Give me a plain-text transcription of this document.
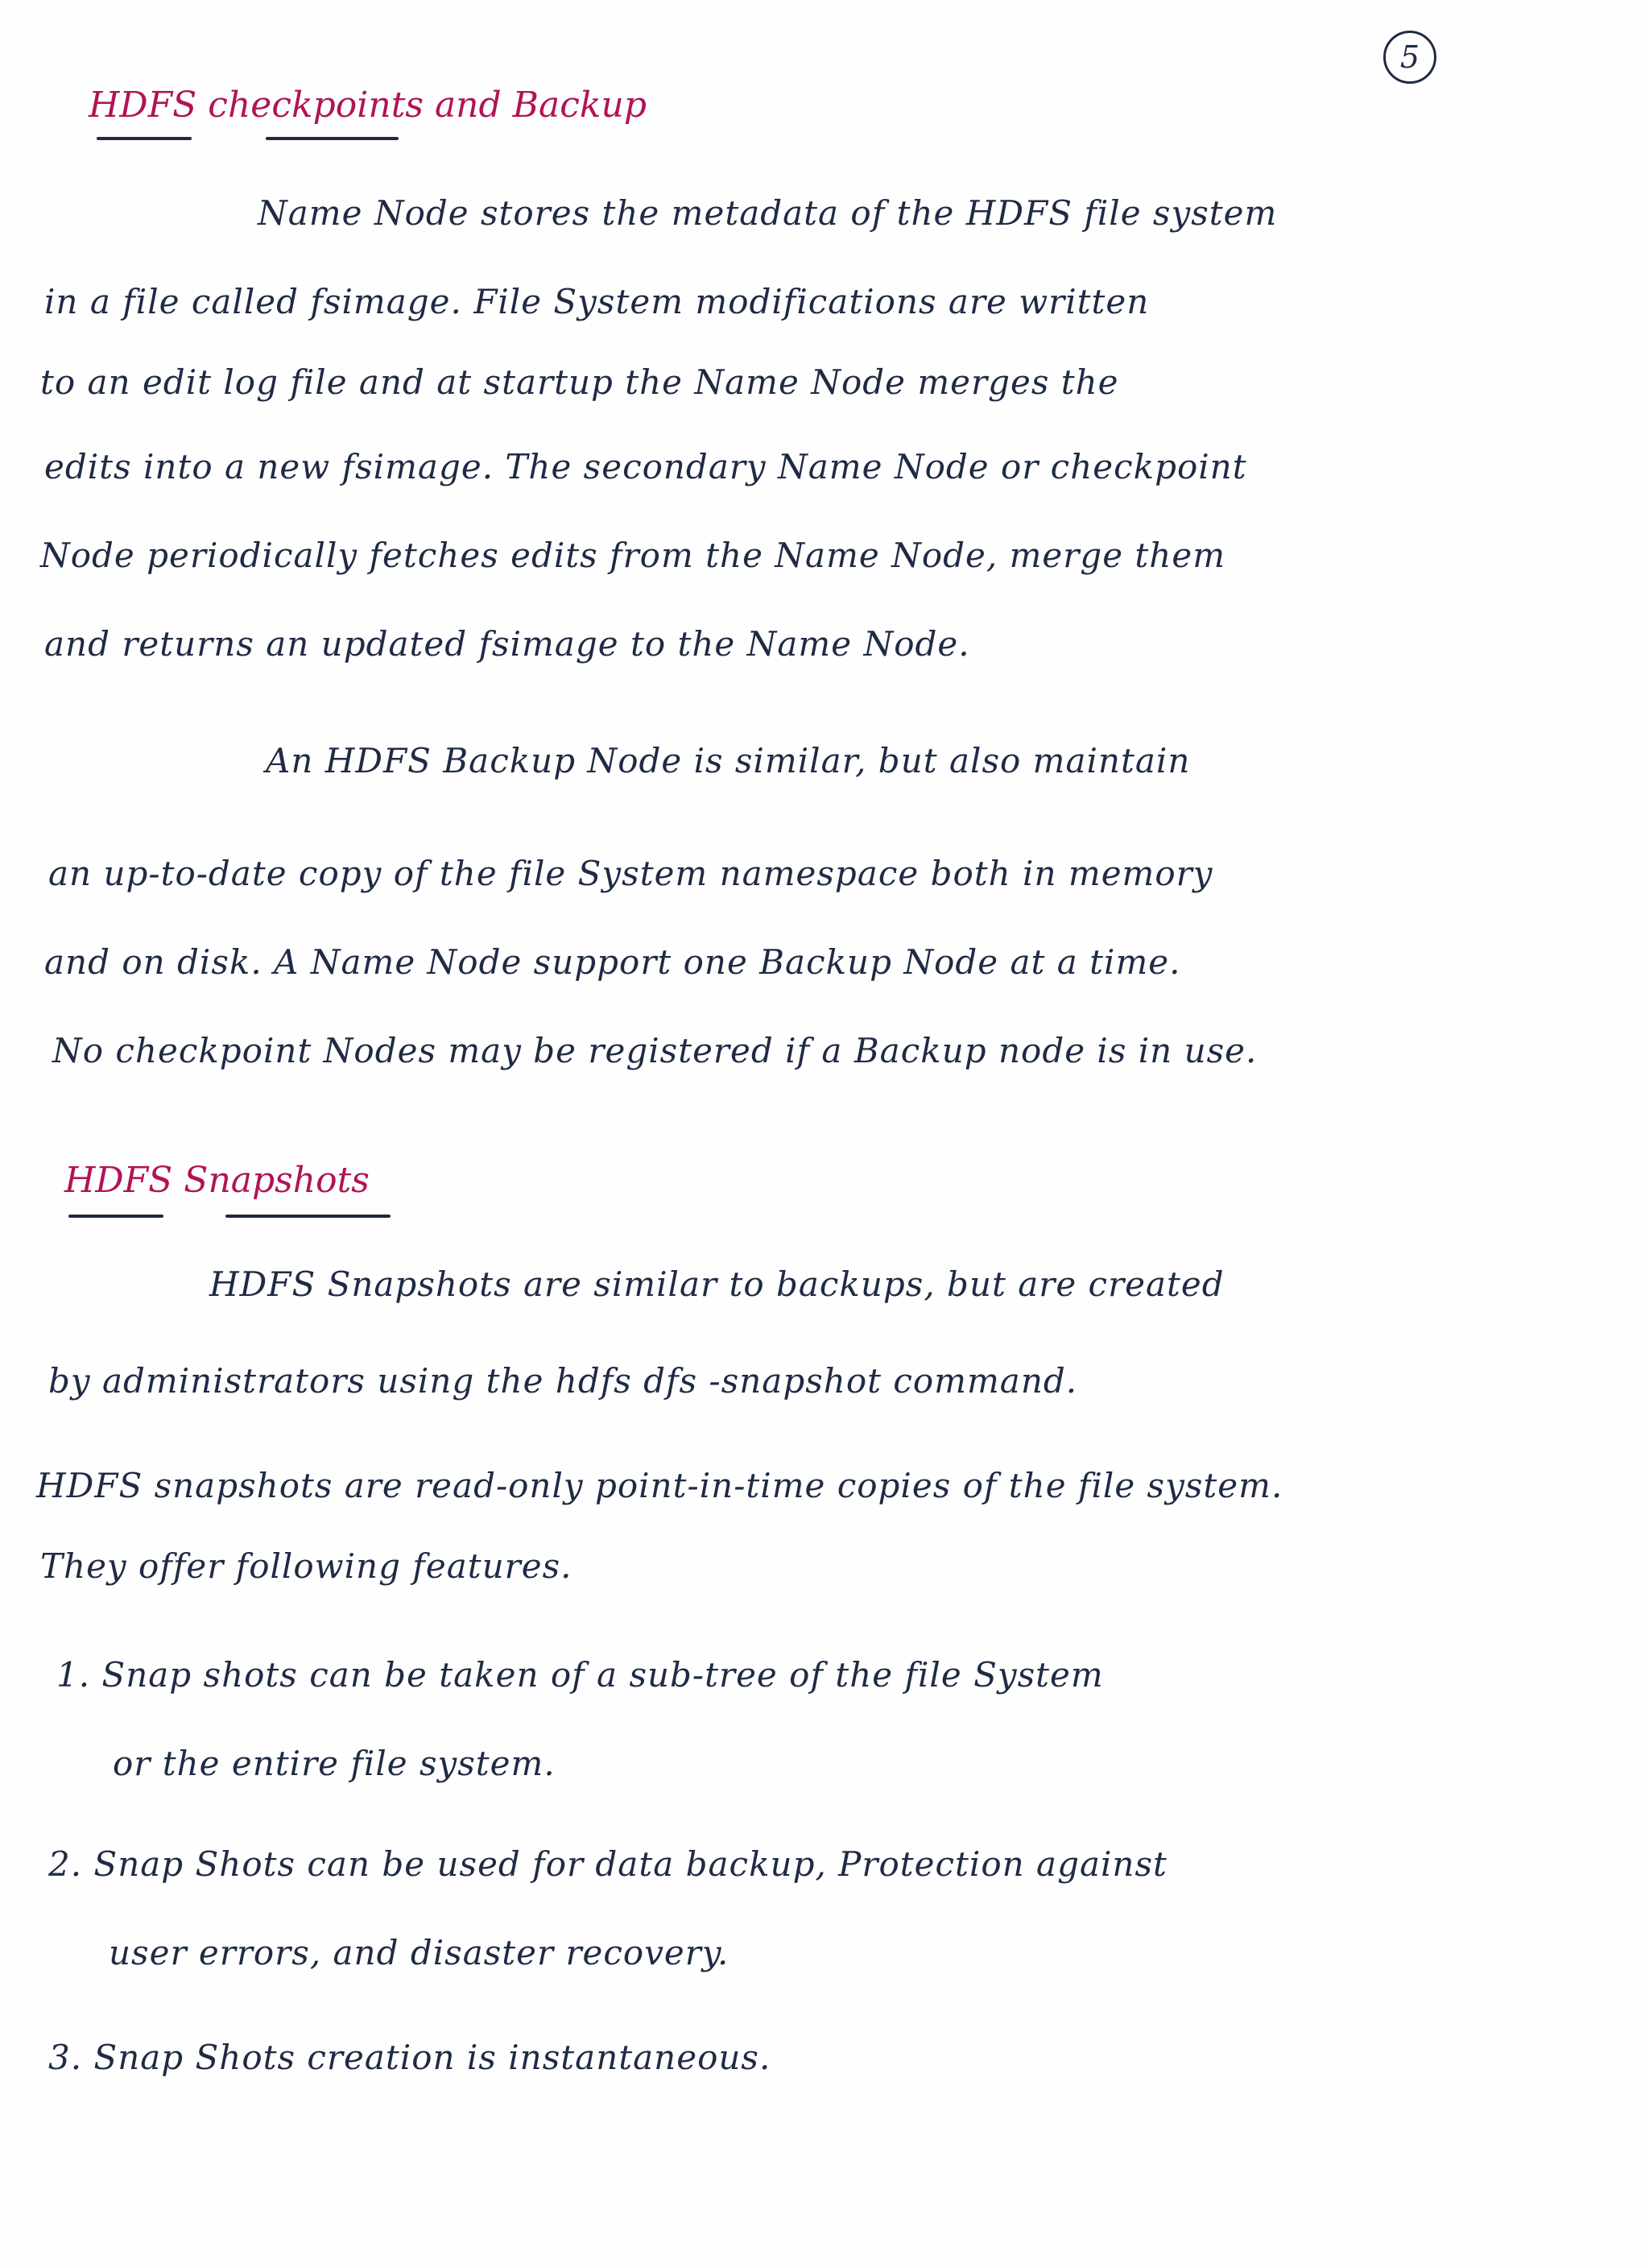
5
HDFS checkpoints and Backup
Name Node stores the metadata of the HDFS file system
in a file called fsimage. File System modifications are written
to an edit log file and at startup the Name Node merges the
edits into a new fsimage. The secondary Name Node or checkpoint
Node periodically fetches edits from the Name Node, merge them
and returns an updated fsimage to the Name Node.
An HDFS Backup Node is similar, but also maintain
an up-to-date copy of the file System namespace both in memory
and on disk. A Name Node support one Backup Node at a time.
No checkpoint Nodes may be registered if a Backup node is in use.
HDFS Snapshots
HDFS Snapshots are similar to backups, but are created
by administrators using the hdfs dfs -snapshot command.
HDFS snapshots are read-only point-in-time copies of the file system.
They offer following features.
1. Snap shots can be taken of a sub-tree of the file System
or the entire file system.
2. Snap Shots can be used for data backup, Protection against
user errors, and disaster recovery.
3. Snap Shots creation is instantaneous.
